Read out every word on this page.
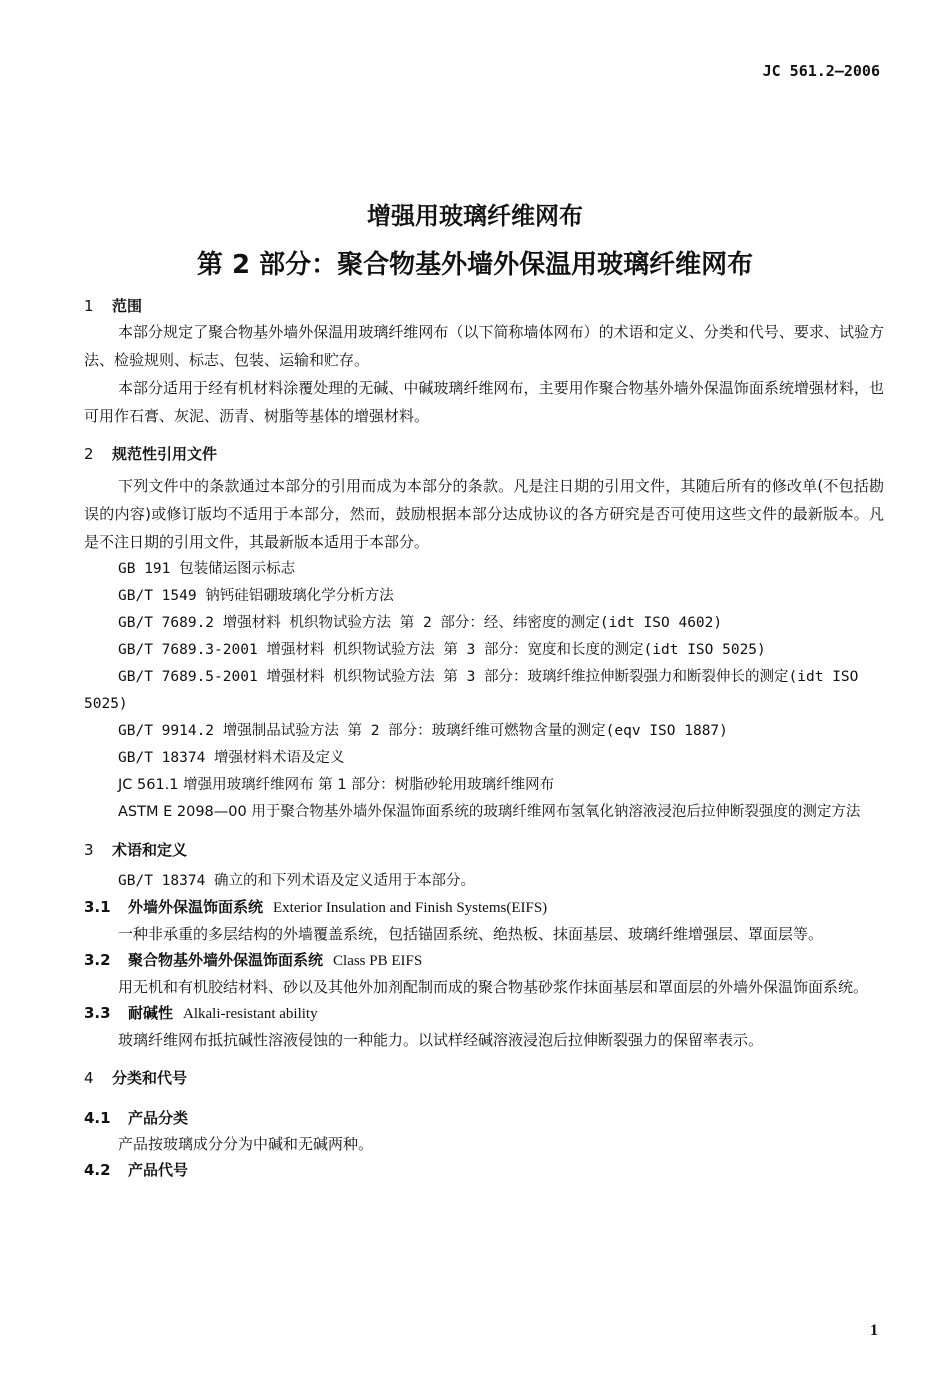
JC 561.2—2006
增强用玻璃纤维网布
第 2 部分：聚合物基外墙外保温用玻璃纤维网布
1 范围

本部分规定了聚合物基外墙外保温用玻璃纤维网布（以下简称墙体网布）的术语和定义、分类和代号、要求、试验方法、检验规则、标志、包装、运输和贮存。

本部分适用于经有机材料涂覆处理的无碱、中碱玻璃纤维网布，主要用作聚合物基外墙外保温饰面系统增强材料，也可用作石膏、灰泥、沥青、树脂等基体的增强材料。

2 规范性引用文件

下列文件中的条款通过本部分的引用而成为本部分的条款。凡是注日期的引用文件，其随后所有的修改单(不包括勘误的内容)或修订版均不适用于本部分，然而，鼓励根据本部分达成协议的各方研究是否可使用这些文件的最新版本。凡是不注日期的引用文件，其最新版本适用于本部分。

GB 191 包装储运图示标志

GB/T 1549 钠钙硅铝硼玻璃化学分析方法

GB/T 7689.2 增强材料 机织物试验方法 第 2 部分：经、纬密度的测定(idt ISO 4602)

GB/T 7689.3-2001 增强材料 机织物试验方法 第 3 部分：宽度和长度的测定(idt ISO 5025)

GB/T 7689.5-2001 增强材料 机织物试验方法 第 3 部分：玻璃纤维拉伸断裂强力和断裂伸长的测定(idt ISO 5025)

GB/T 9914.2 增强制品试验方法 第 2 部分：玻璃纤维可燃物含量的测定(eqv ISO 1887)

GB/T 18374 增强材料术语及定义

JC 561.1 增强用玻璃纤维网布 第 1 部分：树脂砂轮用玻璃纤维网布

ASTM E 2098—00 用于聚合物基外墙外保温饰面系统的玻璃纤维网布氢氧化钠溶液浸泡后拉伸断裂强度的测定方法

3 术语和定义

GB/T 18374 确立的和下列术语及定义适用于本部分。

3.1 外墙外保温饰面系统 Exterior Insulation and Finish Systems(EIFS)

一种非承重的多层结构的外墙覆盖系统，包括锚固系统、绝热板、抹面基层、玻璃纤维增强层、罩面层等。

3.2 聚合物基外墙外保温饰面系统 Class PB EIFS

用无机和有机胶结材料、砂以及其他外加剂配制而成的聚合物基砂浆作抹面基层和罩面层的外墙外保温饰面系统。

3.3 耐碱性 Alkali-resistant ability

玻璃纤维网布抵抗碱性溶液侵蚀的一种能力。以试样经碱溶液浸泡后拉伸断裂强力的保留率表示。

4 分类和代号
4.1 产品分类

产品按玻璃成分分为中碱和无碱两种。

4.2 产品代号
1
